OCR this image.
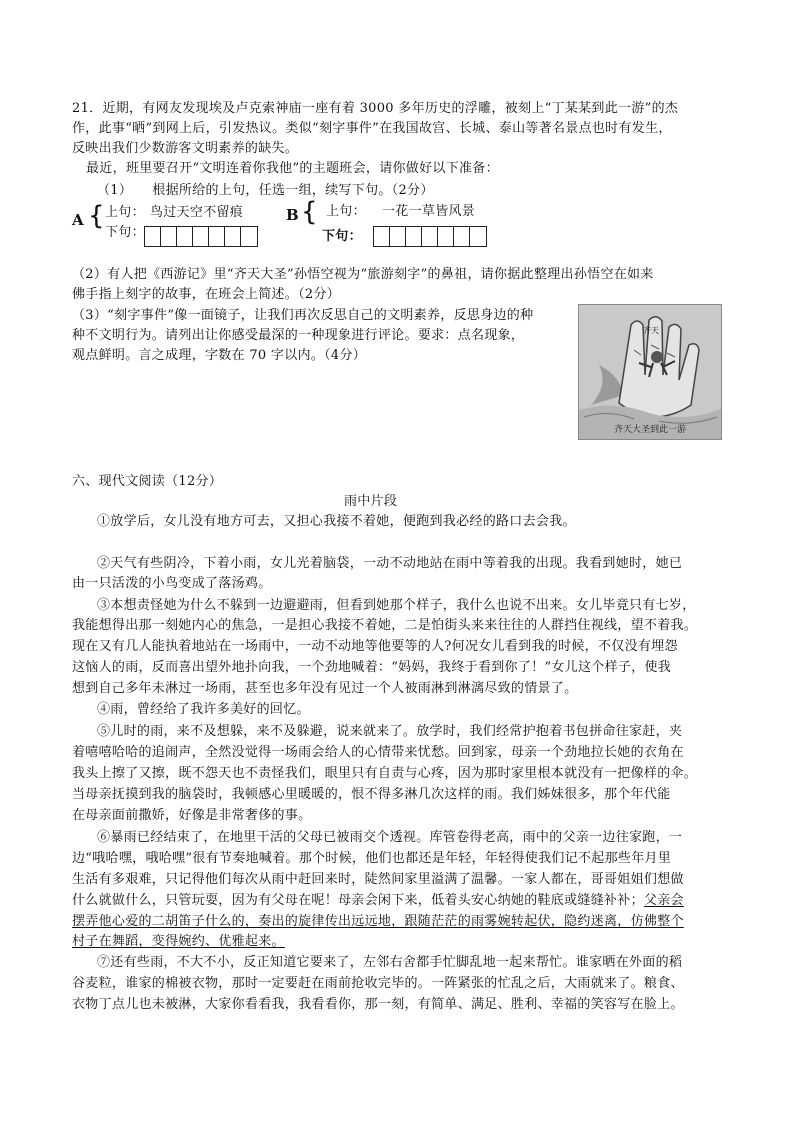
21．近期，有网友发现埃及卢克索神庙一座有着 3000 多年历史的浮雕，被刻上“丁某某到此一游”的杰
作，此事“晒”到网上后，引发热议。类似“刻字事件”在我国故宫、长城、泰山等著名景点也时有发生，
反映出我们少数游客文明素养的缺失。
最近，班里要召开“文明连着你我他”的主题班会，请你做好以下准备：
（1）　　根据所给的上句，任选一组，续写下句。（2分）
A { 上句： 鸟过天空不留痕
下句：
B { 上句： 一花一草皆风景
下句：
（2）有人把《西游记》里“齐天大圣”孙悟空视为“旅游刻字”的鼻祖，请你据此整理出孙悟空在如来
佛手指上刻字的故事，在班会上简述。（2分）
（3）“刻字事件”像一面镜子，让我们再次反思自己的文明素养，反思身边的种
种不文明行为。请列出让你感受最深的一种现象进行评论。要求：点名现象，
观点鲜明。言之成理，字数在 70 字以内。（4分）
齐天
齐天大圣到此一游
六、现代文阅读（12分）
雨中片段
①放学后，女儿没有地方可去，又担心我接不着她，便跑到我必经的路口去会我。
②天气有些阴冷，下着小雨，女儿光着脑袋，一动不动地站在雨中等着我的出现。我看到她时，她已
由一只活泼的小鸟变成了落汤鸡。
③本想责怪她为什么不躲到一边避避雨，但看到她那个样子，我什么也说不出来。女儿毕竟只有七岁，
我能想得出那一刻她内心的焦急，一是担心我接不着她，二是怕街头来来往往的人群挡住视线，望不着我。
现在又有几人能执着地站在一场雨中，一动不动地等他要等的人?何况女儿看到我的时候，不仅没有埋怨
这恼人的雨，反而喜出望外地扑向我，一个劲地喊着：“妈妈，我终于看到你了！”女儿这个样子，使我
想到自己多年未淋过一场雨，甚至也多年没有见过一个人被雨淋到淋漓尽致的情景了。
④雨，曾经给了我许多美好的回忆。
⑤儿时的雨，来不及想躲，来不及躲避，说来就来了。放学时，我们经常护抱着书包拼命往家赶，夹
着嘻嘻哈哈的追闹声，全然没觉得一场雨会给人的心情带来忧愁。回到家，母亲一个劲地拉长她的衣角在
我头上擦了又擦，既不怨天也不责怪我们，眼里只有自责与心疼，因为那时家里根本就没有一把像样的伞。
当母亲抚摸到我的脑袋时，我顿感心里暖暖的，恨不得多淋几次这样的雨。我们姊妹很多，那个年代能
在母亲面前撒娇，好像是非常奢侈的事。
⑥暴雨已经结束了，在地里干活的父母已被雨交个透视。库管卷得老高，雨中的父亲一边往家跑，一
边“哦哈嘿，哦哈嘿”很有节奏地喊着。那个时候，他们也都还是年轻，年轻得使我们记不起那些年月里
生活有多艰难，只记得他们每次从雨中赶回来时，陡然间家里溢满了温馨。一家人都在，哥哥姐姐们想做
什么就做什么，只管玩耍，因为有父母在呢！母亲会闲下来，低着头安心纳她的鞋底或缝缝补补；父亲会
摆弄他心爱的二胡笛子什么的，奏出的旋律传出远远地，跟随茫茫的雨雾婉转起伏，隐约迷离，仿佛整个
村子在舞蹈，变得婉约、优雅起来。
⑦还有些雨，不大不小，反正知道它要来了，左邻右舍都手忙脚乱地一起来帮忙。谁家晒在外面的稻
谷麦粒，谁家的棉被衣物，那时一定要赶在雨前抢收完毕的。一阵紧张的忙乱之后，大雨就来了。粮食、
衣物丁点儿也未被淋，大家你看看我，我看看你，那一刻，有简单、满足、胜利、幸福的笑容写在脸上。
